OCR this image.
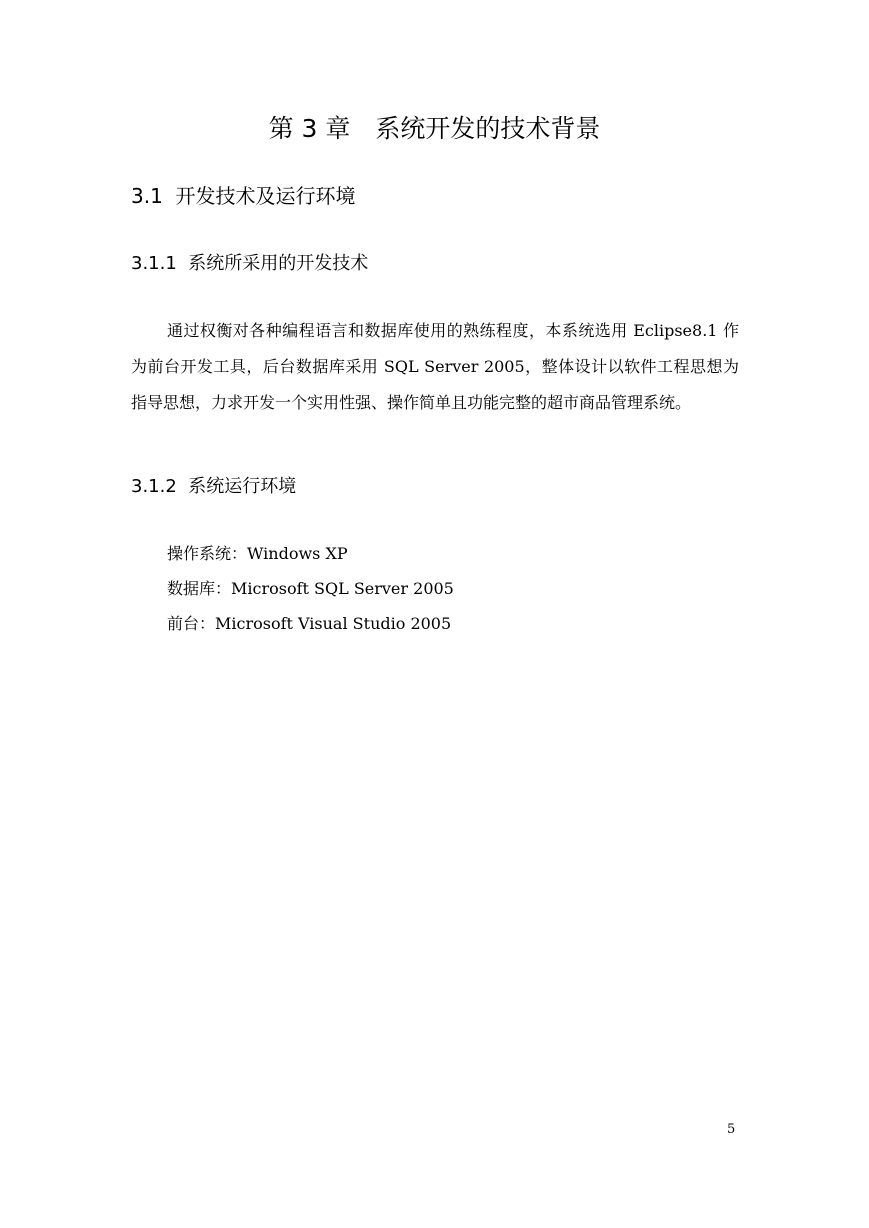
第 3 章　系统开发的技术背景
3.1  开发技术及运行环境
3.1.1  系统所采用的开发技术

通过权衡对各种编程语言和数据库使用的熟练程度，本系统选用 Eclipse8.1 作为前台开发工具，后台数据库采用 SQL Server 2005，整体设计以软件工程思想为指导思想，力求开发一个实用性强、操作简单且功能完整的超市商品管理系统。

3.1.2  系统运行环境
操作系统：Windows XP
数据库：Microsoft SQL Server 2005
前台：Microsoft Visual Studio 2005
5
